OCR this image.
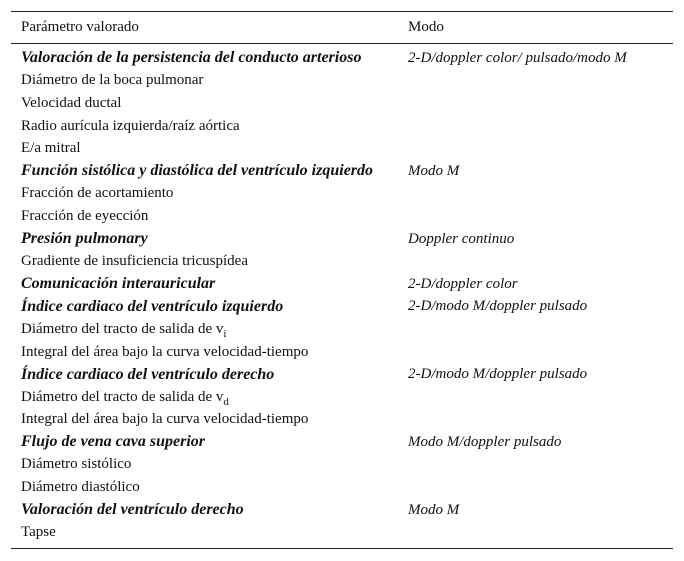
Parámetro valorado	Modo
Valoración de la persistencia del conducto arterioso	2-D/doppler color/ pulsado/modo M
Diámetro de la boca pulmonar
Velocidad ductal
Radio aurícula izquierda/raíz aórtica
E/a mitral
Función sistólica y diastólica del ventrículo izquierdo	Modo M
Fracción de acortamiento
Fracción de eyección
Presión pulmonary	Doppler continuo
Gradiente de insuficiencia tricuspídea
Comunicación interauricular	2-D/doppler color
Índice cardiaco del ventrículo izquierdo	2-D/modo M/doppler pulsado
Diámetro del tracto de salida de $v_i$
Integral del área bajo la curva velocidad-tiempo
Índice cardiaco del ventrículo derecho	2-D/modo M/doppler pulsado
Diámetro del tracto de salida de $v_d$
Integral del área bajo la curva velocidad-tiempo
Flujo de vena cava superior	Modo M/doppler pulsado
Diámetro sistólico
Diámetro diastólico
Valoración del ventrículo derecho	Modo M
Tapse
